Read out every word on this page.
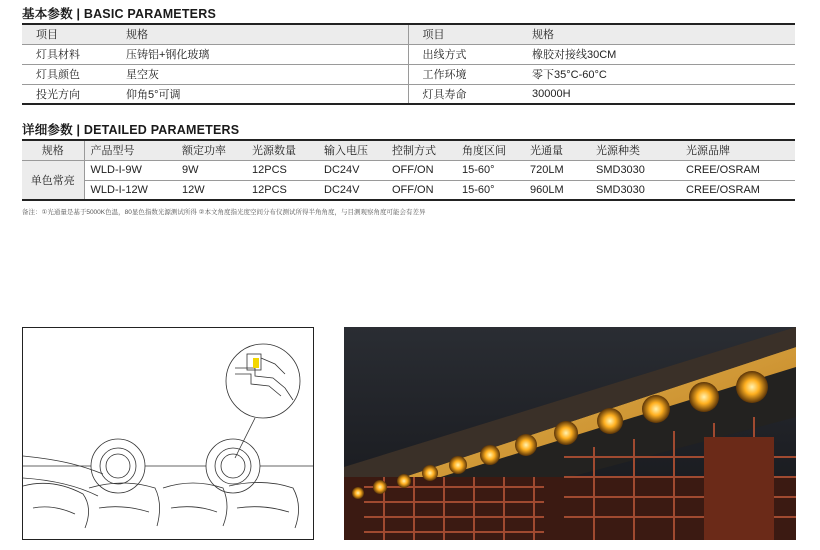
基本参数 | BASIC PARAMETERS
项目	规格	项目	规格
灯具材料	压铸铝+钢化玻璃	出线方式	橡胶对接线30CM
灯具颜色	星空灰	工作环境	零下35°C-60°C
投光方向	仰角5°可调	灯具寿命	30000H
详细参数 | DETAILED PARAMETERS
规格	产品型号	额定功率	光源数量	输入电压	控制方式	角度区间	光通量	光源种类	光源品牌
单色常亮	WLD-I-9W	9W	12PCS	DC24V	OFF/ON	15-60°	720LM	SMD3030	CREE/OSRAM
	WLD-I-12W	12W	12PCS	DC24V	OFF/ON	15-60°	960LM	SMD3030	CREE/OSRAM
备注：①光通量是基于5000K色温，80显色指数光源测试所得 ②本文角度指光度空间分布仪测试所得半角角度，与目测观察角度可能会有差异
